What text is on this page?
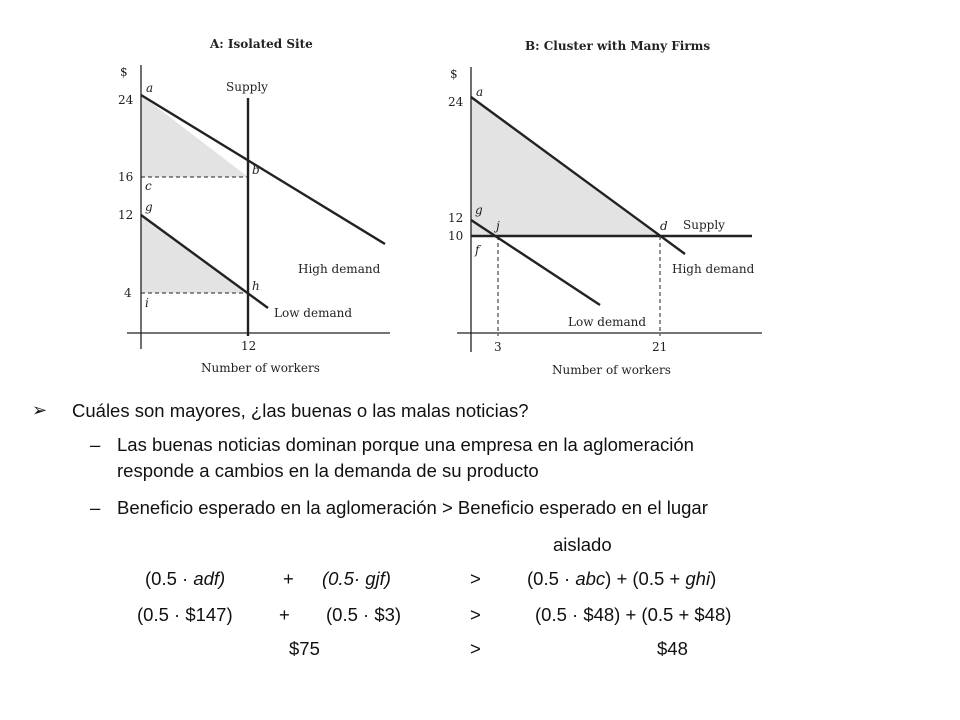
A: Isolated Site
$
24
16
12
4
12
Number of workers
Supply
High demand
Low demand
a
b
c
g
h
i
B: Cluster with Many Firms
$
24
12
10
3	21
Number of workers
Supply
High demand
Low demand
a
g
j	d
f
➢ Cuáles son mayores, ¿las buenas o las malas noticias?
– Las buenas noticias dominan porque una empresa en la aglomeración
responde a cambios en la demanda de su producto
– Beneficio esperado en la aglomeración > Beneficio esperado en el lugar
aislado
(0.5 · adf)	+ (0.5· gjf)	> (0.5 · abc) + (0.5 + ghi)
(0.5 · $147)	+ (0.5 · $3)	>	(0.5 · $48) + (0.5 + $48)
$75	>	$48
